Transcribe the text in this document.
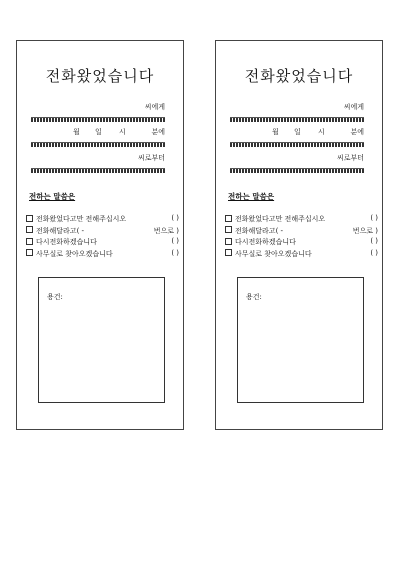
전화왔었습니다
씨에게
월 일 시	분에
씨로부터
전하는 말씀은
전화왔었다고만 전해주십시오	( )
전화해달라고( -	번으로 )
다시전화하겠습니다	( )
사무실로 찾아오겠습니다	( )
용건:
전화왔었습니다
씨에게
월 일 시	분에
씨로부터
전하는 말씀은
전화왔었다고만 전해주십시오	( )
전화해달라고( -	번으로 )
다시전화하겠습니다	( )
사무실로 찾아오겠습니다	( )
용건:
